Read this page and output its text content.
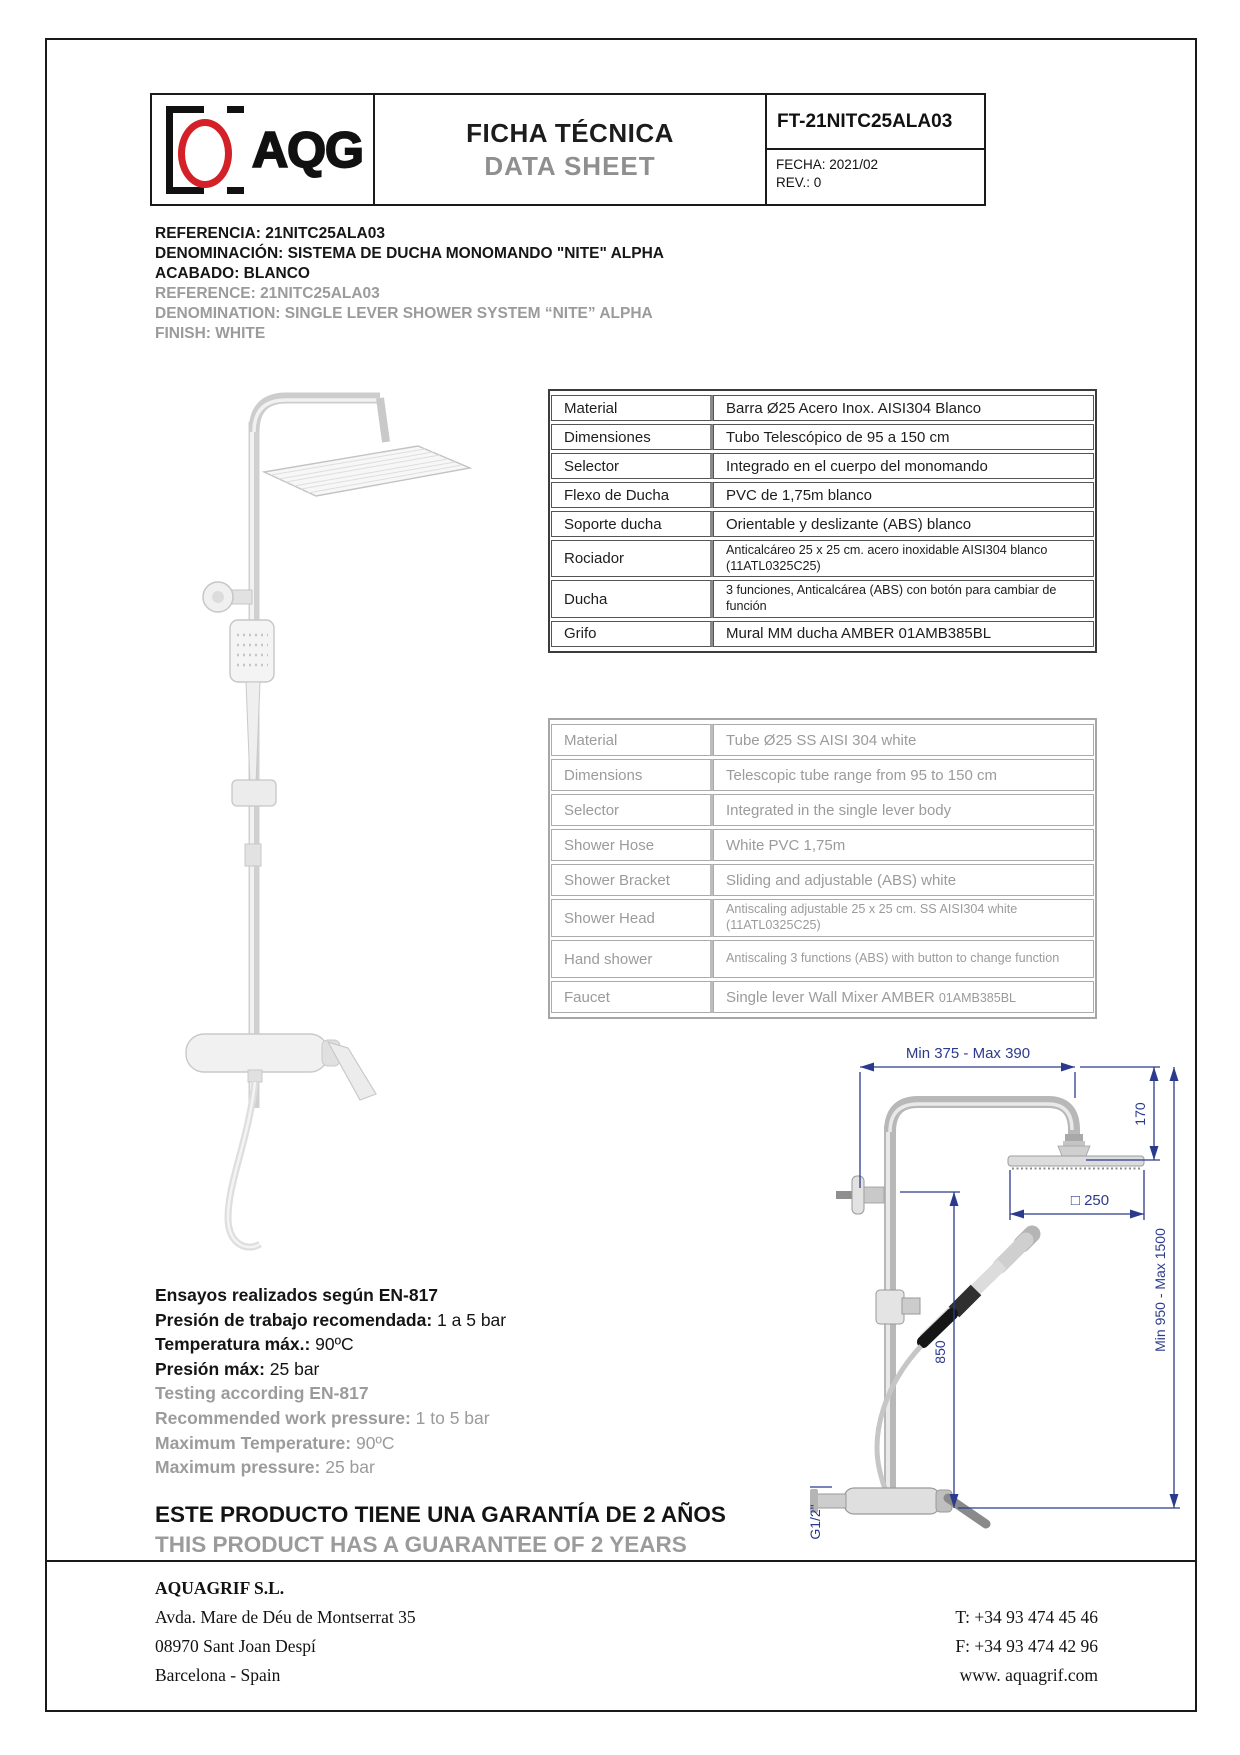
AQG	FICHA TÉCNICA
DATA SHEET
FT-21NITC25ALA03
FECHA: 2021/02
REV.: 0
REFERENCIA: 21NITC25ALA03
DENOMINACIÓN: SISTEMA DE DUCHA MONOMANDO "NITE" ALPHA
ACABADO: BLANCO
REFERENCE: 21NITC25ALA03
DENOMINATION: SINGLE LEVER SHOWER SYSTEM “NITE” ALPHA
FINISH: WHITE
Material	Barra Ø25 Acero Inox. AISI304 Blanco
Dimensiones	Tubo Telescópico de 95 a 150 cm
Selector	Integrado en el cuerpo del monomando
Flexo de Ducha	PVC de 1,75m blanco
Soporte ducha	Orientable y deslizante (ABS) blanco
Rociador	Anticalcáreo 25 x 25 cm. acero inoxidable AISI304 blanco (11ATL0325C25)
Ducha	3 funciones, Anticalcárea (ABS) con botón para cambiar de función
Grifo	Mural MM ducha AMBER 01AMB385BL
Material	Tube Ø25 SS AISI 304 white
Dimensions	Telescopic tube range from 95 to 150 cm
Selector	Integrated in the single lever body
Shower Hose	White PVC 1,75m
Shower Bracket	Sliding and adjustable (ABS) white
Shower Head	Antiscaling adjustable 25 x 25 cm. SS AISI304 white (11ATL0325C25)
Hand shower	Antiscaling 3 functions (ABS) with button to change function
Faucet	Single lever Wall Mixer AMBER 01AMB385BL
Min 375 - Max 390
170
□ 250
850
Min 950 - Max 1500
G1/2"
Ensayos realizados según EN-817
Presión de trabajo recomendada: 1 a 5 bar
Temperatura máx.: 90ºC
Presión máx: 25 bar
Testing according EN-817
Recommended work pressure: 1 to 5 bar
Maximum Temperature: 90ºC
Maximum pressure: 25 bar
ESTE PRODUCTO TIENE UNA GARANTÍA DE 2 AÑOS
THIS PRODUCT HAS A GUARANTEE OF 2 YEARS
AQUAGRIF S.L.
Avda. Mare de Déu de Montserrat 35
08970 Sant Joan Despí
Barcelona - Spain
T: +34 93 474 45 46
F: +34 93 474 42 96
www. aquagrif.com
